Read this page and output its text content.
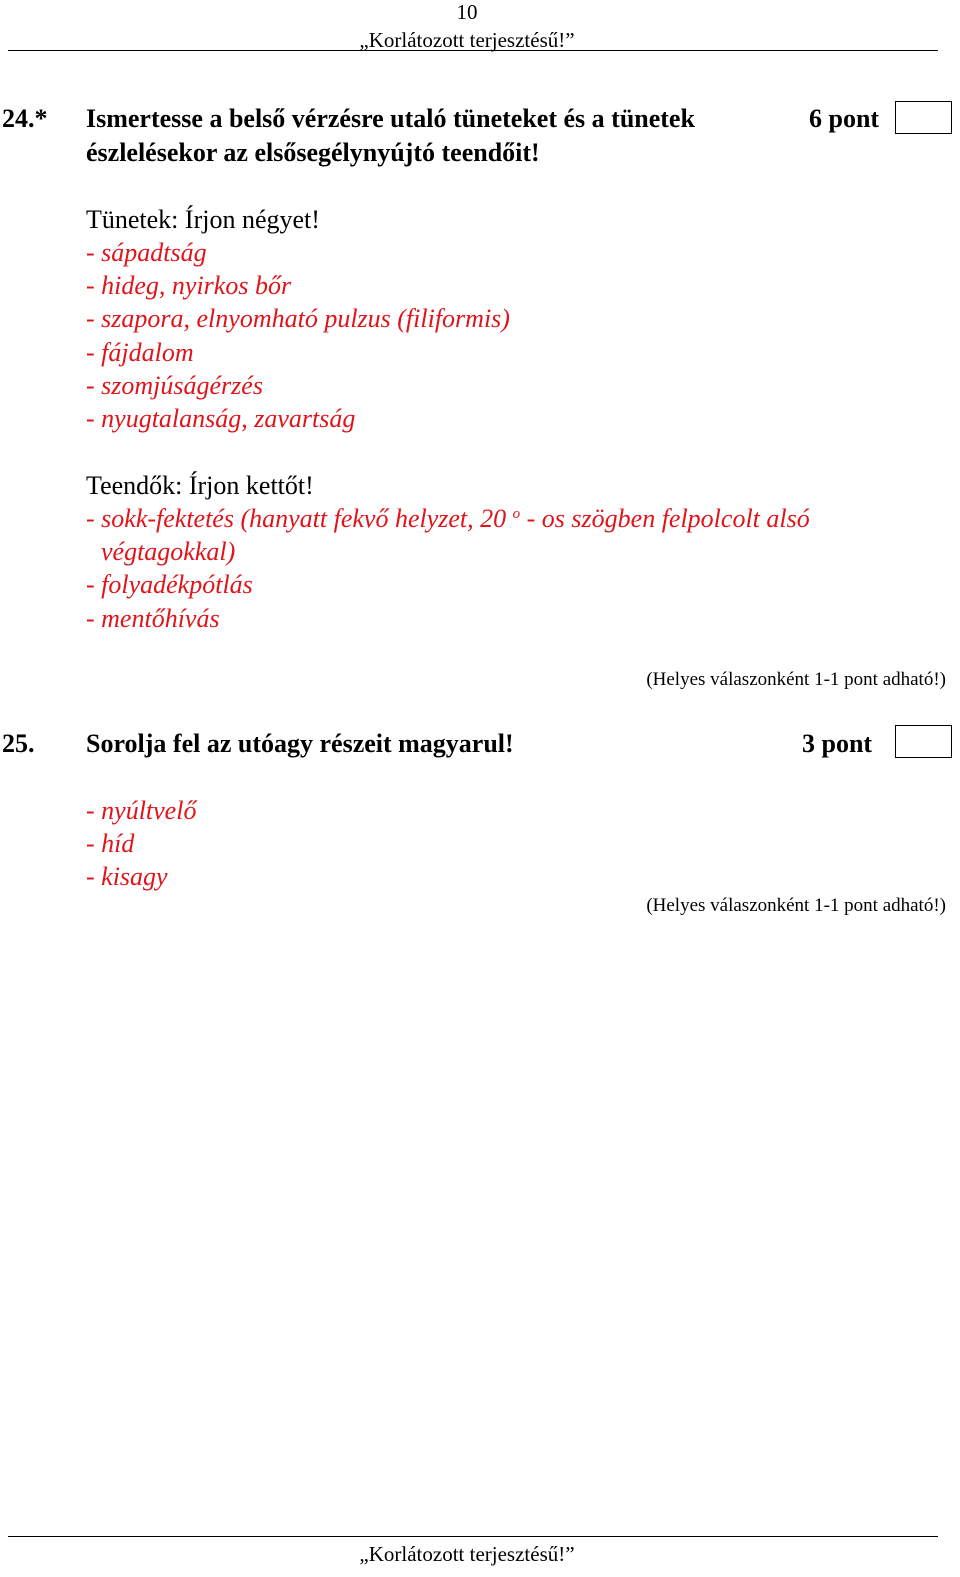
10
„Korlátozott terjesztésű!”
24.* Ismertesse a belső vérzésre utaló tüneteket és a tünetek
észlelésekor az elsősegélynyújtó teendőit!
6 pont
Tünetek: Írjon négyet!
- sápadtság
- hideg, nyirkos bőr
- szapora, elnyomható pulzus (filiformis)
- fájdalom
- szomjúságérzés
- nyugtalanság, zavartság
Teendők: Írjon kettőt!
- sokk-fektetés (hanyatt fekvő helyzet, 20 $^o$ - os szögben felpolcolt alsó
végtagokkal)
- folyadékpótlás
- mentőhívás
(Helyes válaszonként 1-1 pont adható!)
25. Sorolja fel az utóagy részeit magyarul!	3 pont
- nyúltvelő
- híd
- kisagy
(Helyes válaszonként 1-1 pont adható!)
„Korlátozott terjesztésű!”
